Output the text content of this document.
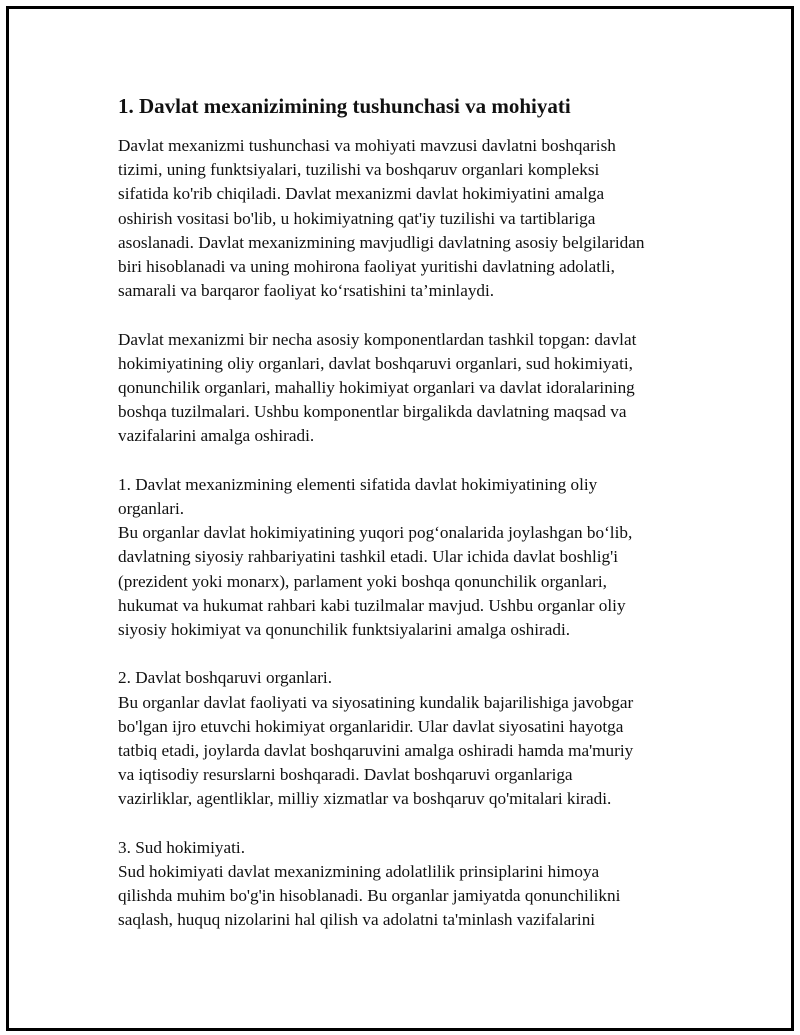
1. Davlat mexanizimining tushunchasi va mohiyati

Davlat mexanizmi tushunchasi va mohiyati mavzusi davlatni boshqarish
tizimi, uning funktsiyalari, tuzilishi va boshqaruv organlari kompleksi
sifatida ko'rib chiqiladi. Davlat mexanizmi davlat hokimiyatini amalga
oshirish vositasi bo'lib, u hokimiyatning qat'iy tuzilishi va tartiblariga
asoslanadi. Davlat mexanizmining mavjudligi davlatning asosiy belgilaridan
biri hisoblanadi va uning mohirona faoliyat yuritishi davlatning adolatli,
samarali va barqaror faoliyat ko‘rsatishini ta’minlaydi.

Davlat mexanizmi bir necha asosiy komponentlardan tashkil topgan: davlat
hokimiyatining oliy organlari, davlat boshqaruvi organlari, sud hokimiyati,
qonunchilik organlari, mahalliy hokimiyat organlari va davlat idoralarining
boshqa tuzilmalari. Ushbu komponentlar birgalikda davlatning maqsad va
vazifalarini amalga oshiradi.

1. Davlat mexanizmining elementi sifatida davlat hokimiyatining oliy
organlari.
Bu organlar davlat hokimiyatining yuqori pog‘onalarida joylashgan bo‘lib,
davlatning siyosiy rahbariyatini tashkil etadi. Ular ichida davlat boshlig'i
(prezident yoki monarx), parlament yoki boshqa qonunchilik organlari,
hukumat va hukumat rahbari kabi tuzilmalar mavjud. Ushbu organlar oliy
siyosiy hokimiyat va qonunchilik funktsiyalarini amalga oshiradi.

2. Davlat boshqaruvi organlari.
Bu organlar davlat faoliyati va siyosatining kundalik bajarilishiga javobgar
bo'lgan ijro etuvchi hokimiyat organlaridir. Ular davlat siyosatini hayotga
tatbiq etadi, joylarda davlat boshqaruvini amalga oshiradi hamda ma'muriy
va iqtisodiy resurslarni boshqaradi. Davlat boshqaruvi organlariga
vazirliklar, agentliklar, milliy xizmatlar va boshqaruv qo'mitalari kiradi.

3. Sud hokimiyati.
Sud hokimiyati davlat mexanizmining adolatlilik prinsiplarini himoya
qilishda muhim bo'g'in hisoblanadi. Bu organlar jamiyatda qonunchilikni
saqlash, huquq nizolarini hal qilish va adolatni ta'minlash vazifalarini
